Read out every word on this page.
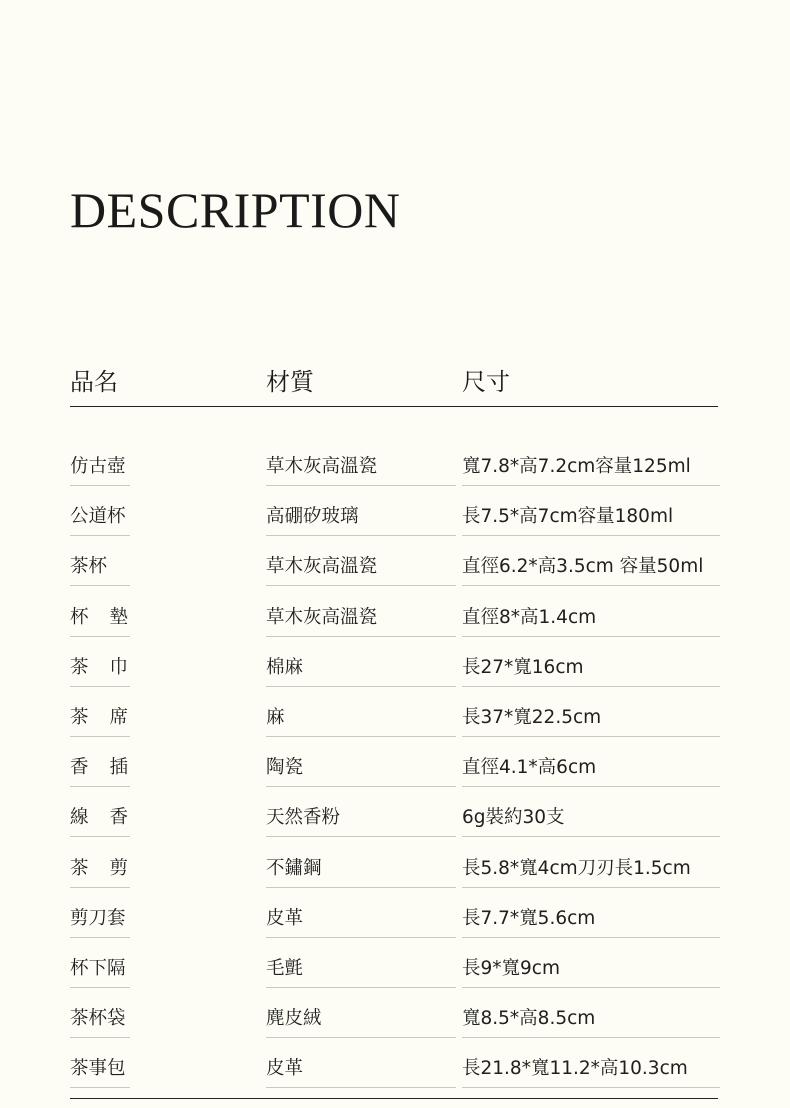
DESCRIPTION
品名	材質	尺寸
仿古壺	草木灰高溫瓷	寬7.8*高7.2cm容量125ml
公道杯	高硼矽玻璃	長7.5*高7cm容量180ml
茶杯	草木灰高溫瓷	直徑6.2*高3.5cm 容量50ml
杯 墊	草木灰高溫瓷	直徑8*高1.4cm
茶 巾	棉麻	長27*寬16cm
茶 席	麻	長37*寬22.5cm
香 插	陶瓷	直徑4.1*高6cm
線 香	天然香粉	6g裝約30支
茶 剪	不鏽鋼	長5.8*寬4cm刀刃長1.5cm
剪刀套	皮革	長7.7*寬5.6cm
杯下隔	毛氈	長9*寬9cm
茶杯袋	麂皮絨	寬8.5*高8.5cm
茶事包	皮革	長21.8*寬11.2*高10.3cm
